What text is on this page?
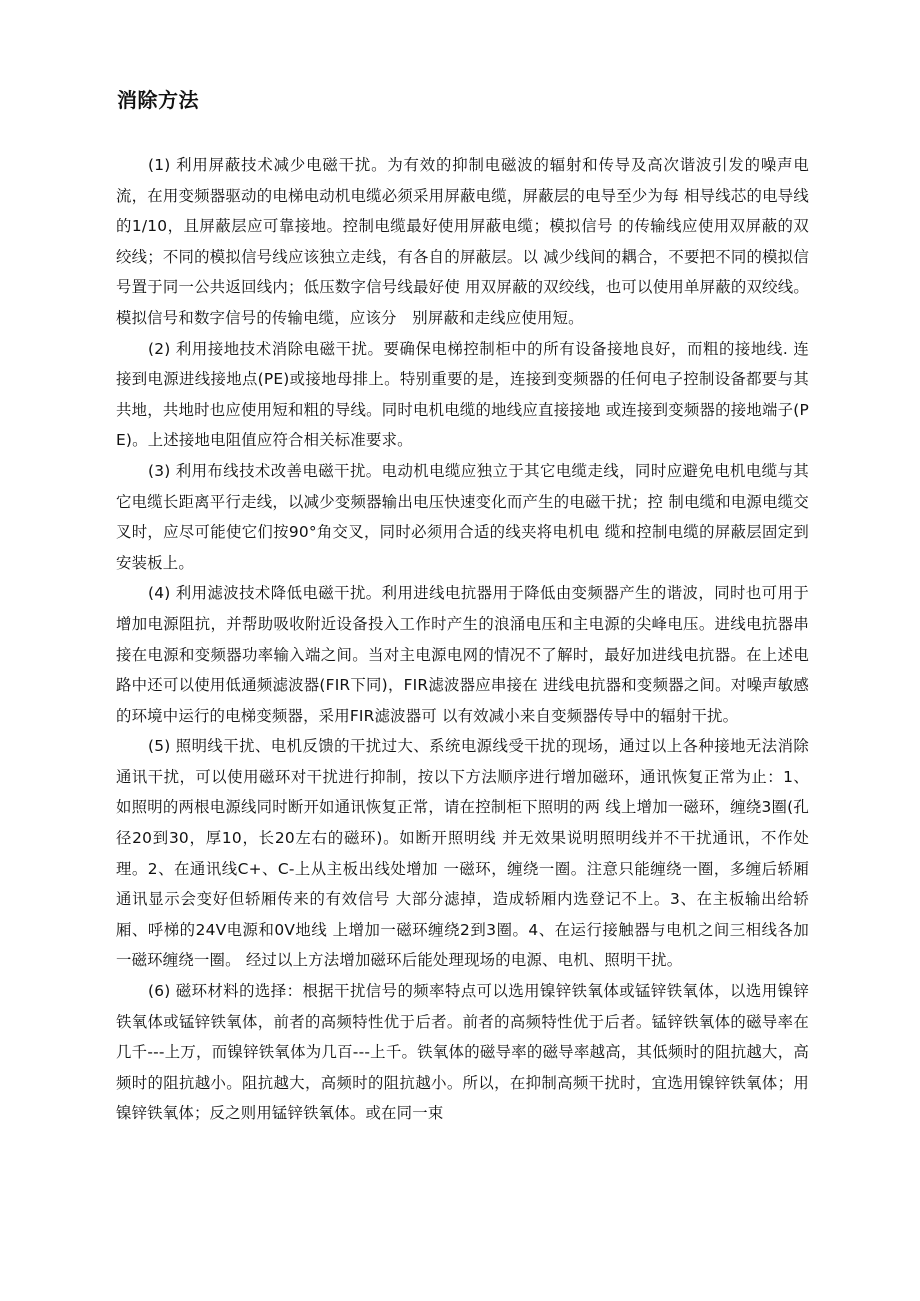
消除方法

(1) 利用屏蔽技术减少电磁干扰。为有效的抑制电磁波的辐射和传导及高次谐波引发的噪声电流，在用变频器驱动的电梯电动机电缆必须采用屏蔽电缆，屏蔽层的电导至少为每 相导线芯的电导线的1/10，且屏蔽层应可靠接地。控制电缆最好使用屏蔽电缆；模拟信号 的传输线应使用双屏蔽的双绞线；不同的模拟信号线应该独立走线，有各自的屏蔽层。以 减少线间的耦合，不要把不同的模拟信号置于同一公共返回线内；低压数字信号线最好使 用双屏蔽的双绞线，也可以使用单屏蔽的双绞线。模拟信号和数字信号的传输电缆，应该分　别屏蔽和走线应使用短。

(2) 利用接地技术消除电磁干扰。要确保电梯控制柜中的所有设备接地良好，而粗的接地线. 连接到电源进线接地点(PE)或接地母排上。特别重要的是，连接到变频器的任何电子控制设备都要与其共地，共地时也应使用短和粗的导线。同时电机电缆的地线应直接接地 或连接到变频器的接地端子(PE)。上述接地电阻值应符合相关标准要求。

(3) 利用布线技术改善电磁干扰。电动机电缆应独立于其它电缆走线，同时应避免电机电缆与其它电缆长距离平行走线，以减少变频器输出电压快速变化而产生的电磁干扰；控 制电缆和电源电缆交叉时，应尽可能使它们按90°角交叉，同时必须用合适的线夹将电机电 缆和控制电缆的屏蔽层固定到安装板上。

(4) 利用滤波技术降低电磁干扰。利用进线电抗器用于降低由变频器产生的谐波，同时也可用于增加电源阻抗，并帮助吸收附近设备投入工作时产生的浪涌电压和主电源的尖峰电压。进线电抗器串接在电源和变频器功率输入端之间。当对主电源电网的情况不了解时，最好加进线电抗器。在上述电路中还可以使用低通频滤波器(FIR下同)，FIR滤波器应串接在 进线电抗器和变频器之间。对噪声敏感的环境中运行的电梯变频器，采用FIR滤波器可 以有效减小来自变频器传导中的辐射干扰。

(5) 照明线干扰、电机反馈的干扰过大、系统电源线受干扰的现场，通过以上各种接地无法消除通讯干扰，可以使用磁环对干扰进行抑制，按以下方法顺序进行增加磁环，通讯恢复正常为止：1、如照明的两根电源线同时断开如通讯恢复正常，请在控制柜下照明的两 线上增加一磁环，缠绕3圈(孔径20到30，厚10，长20左右的磁环)。如断开照明线 并无效果说明照明线并不干扰通讯，不作处理。2、在通讯线C+、C-上从主板出线处增加 一磁环，缠绕一圈。注意只能缠绕一圈，多缠后轿厢通讯显示会变好但轿厢传来的有效信号 大部分滤掉，造成轿厢内选登记不上。3、在主板输出给轿厢、呼梯的24V电源和0V地线 上增加一磁环缠绕2到3圈。4、在运行接触器与电机之间三相线各加一磁环缠绕一圈。 经过以上方法增加磁环后能处理现场的电源、电机、照明干扰。

(6) 磁环材料的选择：根据干扰信号的频率特点可以选用镍锌铁氧体或锰锌铁氧体，以选用镍锌铁氧体或锰锌铁氧体，前者的高频特性优于后者。前者的高频特性优于后者。锰锌铁氧体的磁导率在几千---上万，而镍锌铁氧体为几百---上千。铁氧体的磁导率的磁导率越高，其低频时的阻抗越大，高频时的阻抗越小。阻抗越大，高频时的阻抗越小。所以，在抑制高频干扰时，宜选用镍锌铁氧体；用镍锌铁氧体；反之则用锰锌铁氧体。或在同一束
